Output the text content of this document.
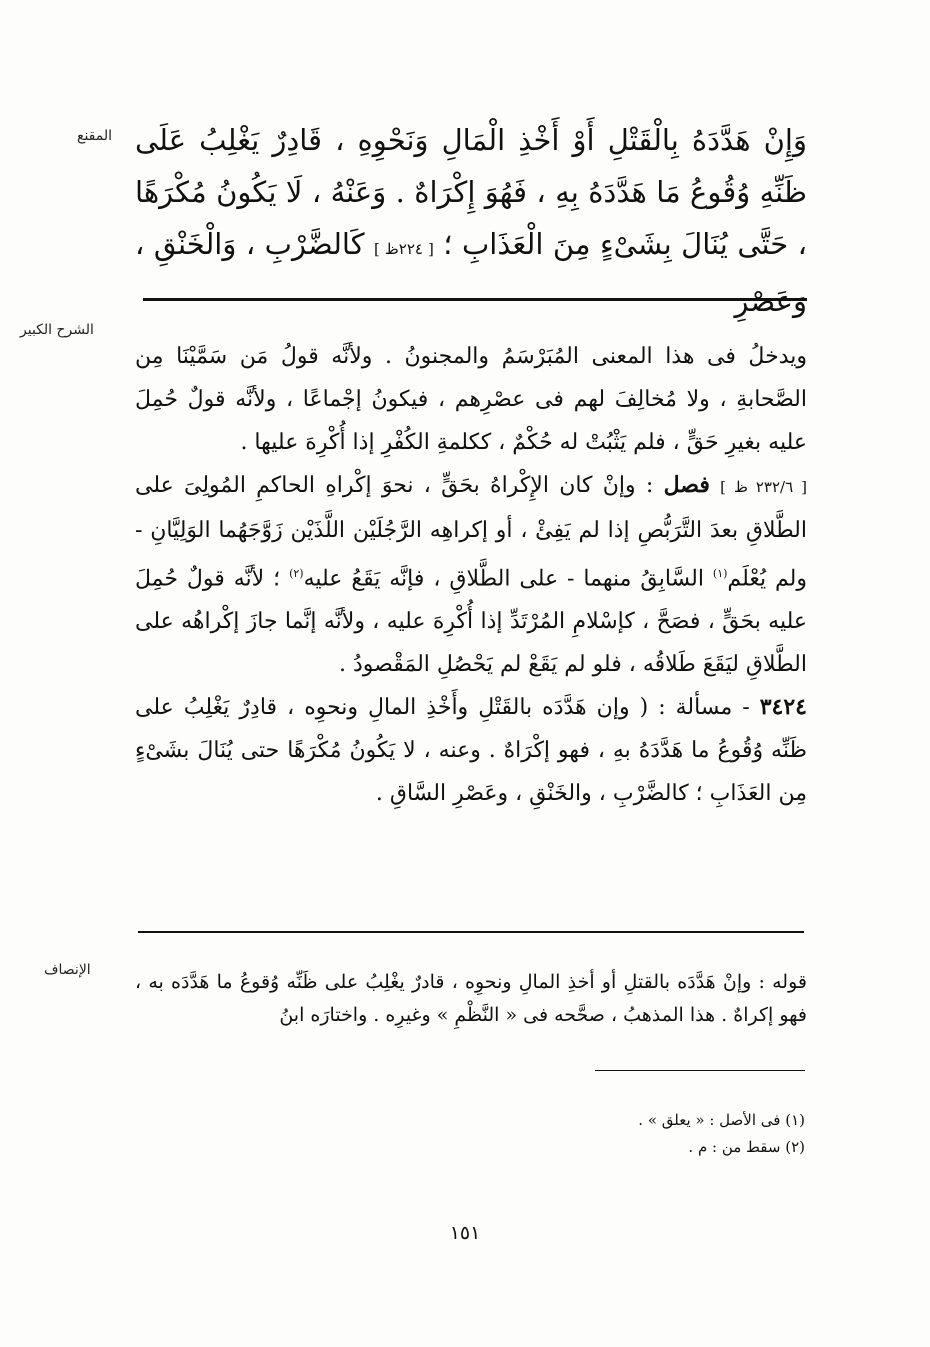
المقنع
الشرح الكبير
الإنصاف

وَإِنْ هَدَّدَهُ بِالْقَتْلِ أَوْ أَخْذِ الْمَالِ وَنَحْوِهِ ، قَادِرٌ يَغْلِبُ عَلَى ظَنِّهِ وُقُوعُ مَا هَدَّدَهُ بِهِ ، فَهُوَ إِكْرَاهٌ . وَعَنْهُ ، لَا يَكُونُ مُكْرَهًا ، حَتَّى يُنَالَ بِشَىْءٍ مِنَ الْعَذَابِ ؛ [ ٢٢٤ظ ] كَالضَّرْبِ ، وَالْخَنْقِ ، وَعَصْرِ

ويدخلُ فى هذا المعنى المُبَرْسَمُ والمجنونُ . ولأنَّه قولُ مَن سَمَّيْنَا مِن الصَّحابةِ ، ولا مُخالِفَ لهم فى عصْرِهم ، فيكونُ إجْماعًا ، ولأنَّه قولٌ حُمِلَ عليه بغيرِ حَقٍّ ، فلم يَثْبُتْ له حُكْمٌ ، ككلمةِ الكُفْرِ إذا أُكْرِهَ عليها .

[ ٢٣٢/٦ ظ ] فصل : وإنْ كان الإِكْراهُ بحَقٍّ ، نحوَ إكْراهِ الحاكمِ المُولِىَ على الطَّلاقِ بعدَ التَّرَبُّصِ إذا لم يَفِئْ ، أو إكراهِه الرَّجُلَيْن اللَّذَيْن زَوَّجَهُما الوَلِيَّانِ - ولم يُعْلَم$^{(١)}$ السَّابِقُ منهما - على الطَّلاقِ ، فإنَّه يَقَعُ عليه$^{(٢)}$ ؛ لأنَّه قولٌ حُمِلَ عليه بحَقٍّ ، فصَحَّ ، كإسْلامِ المُرْتَدِّ إذا أُكْرِهَ عليه ، ولأنَّه إنَّما جازَ إكْراهُه على الطَّلاقِ ليَقَعَ طَلاقُه ، فلو لم يَقَعْ لم يَحْصُلِ المَقْصودُ .

٣٤٢٤ - مسألة : ( وإن هَدَّدَه بالقَتْلِ وأَخْذِ المالِ ونحوِه ، قادِرٌ يَغْلِبُ على ظَنِّه وُقُوعُ ما هَدَّدَهُ بهِ ، فهو إكْرَاهٌ . وعنه ، لا يَكُونُ مُكْرَهًا حتى يُنَالَ بشَىْءٍ مِن العَذَابِ ؛ كالضَّرْبِ ، والخَنْقِ ، وعَصْرِ السَّاقِ .

قوله : وإنْ هَدَّدَه بالقتلِ أو أخذِ المالِ ونحوِه ، قادرٌ يغْلِبُ على ظَنِّه وُقوعُ ما هَدَّدَه به ، فهو إكراهٌ . هذا المذهبُ ، صحَّحه فى « النَّظْمِ » وغيرِه . واختارَه ابنُ

(١) فى الأصل : « يعلق » .
(٢) سقط من : م .
١٥١
